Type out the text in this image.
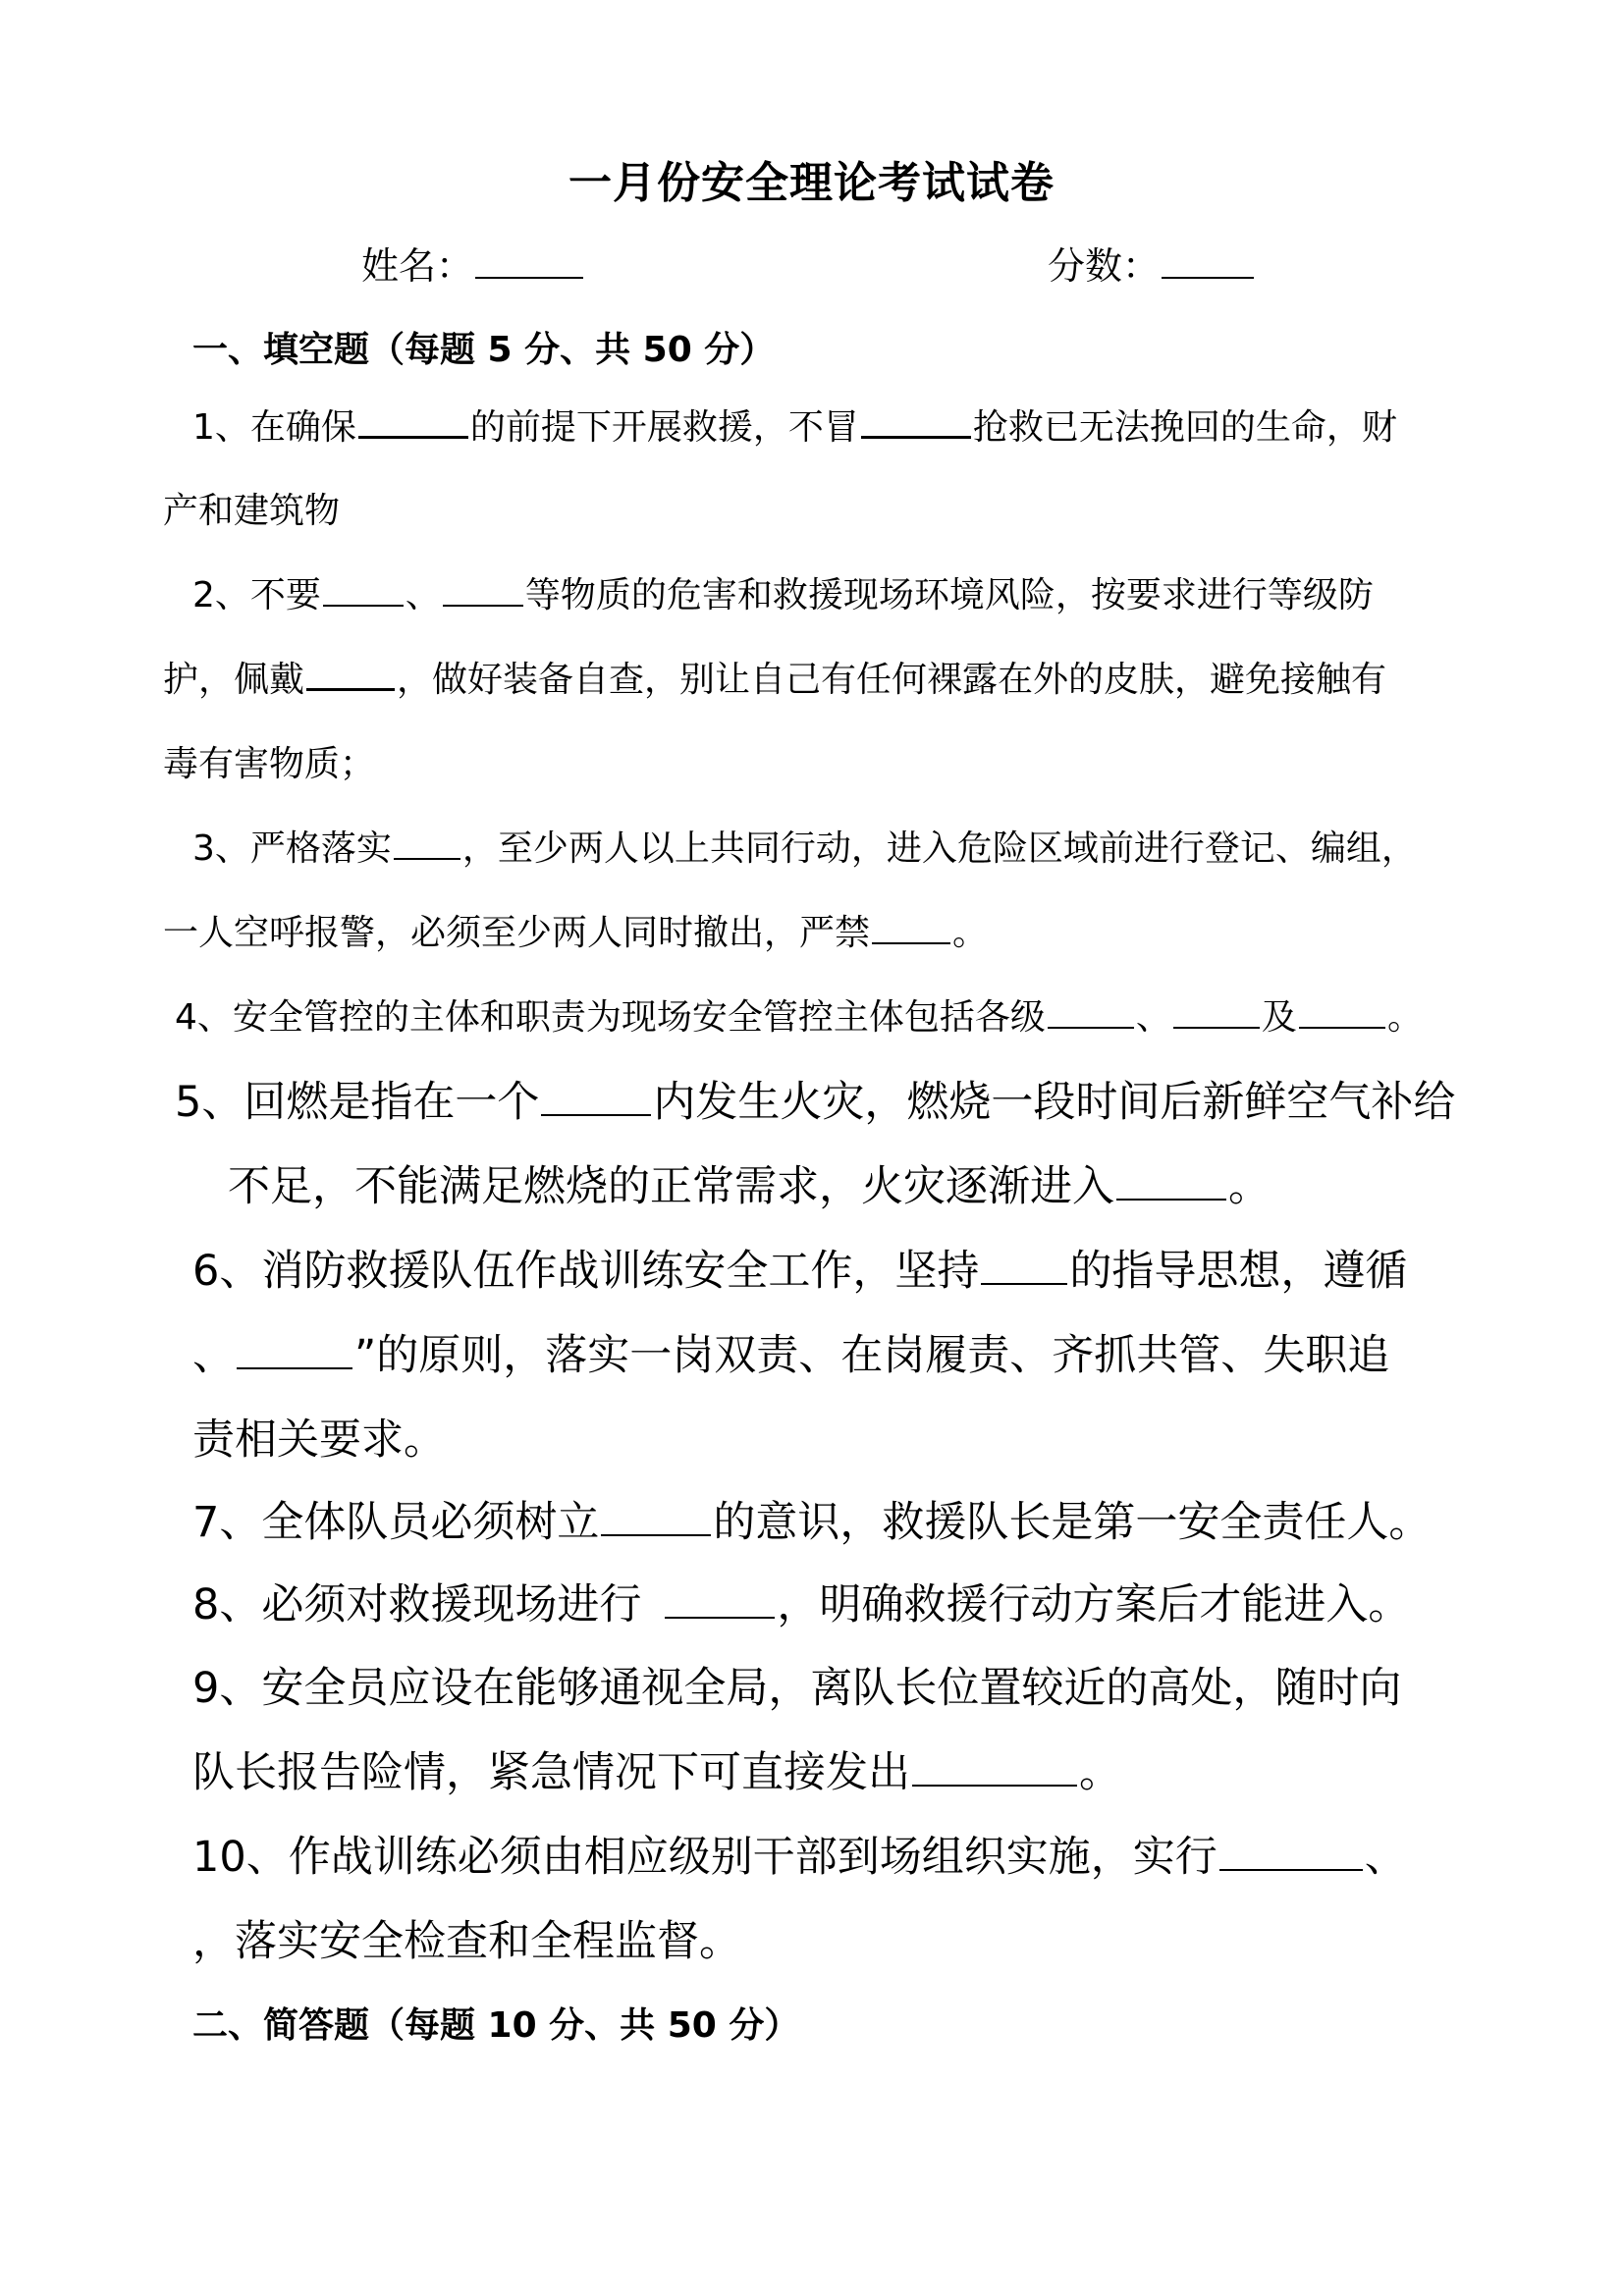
一月份安全理论考试试卷
姓名：	分数：
一、填空题（每题 5 分、共 50 分）
1、在确保	的前提下开展救援，不冒	抢救已无法挽回的生命，财
产和建筑物
2、不要 、 等物质的危害和救援现场环境风险，按要求进行等级防
护，佩戴	，做好装备自查，别让自己有任何裸露在外的皮肤，避免接触有
毒有害物质；
3、严格落实 ，至少两人以上共同行动，进入危险区域前进行登记、编组，
一人空呼报警，必须至少两人同时撤出，严禁 。
4、安全管控的主体和职责为现场安全管控主体包括各级	、	及	。
5、回燃是指在一个	内发生火灾，燃烧一段时间后新鲜空气补给
不足，不能满足燃烧的正常需求，火灾逐渐进入	。
6、消防救援队伍作战训练安全工作，坚持 的指导思想，遵循
、	”的原则，落实一岗双责、在岗履责、齐抓共管、失职追
责相关要求。
7、全体队员必须树立	的意识，救援队长是第一安全责任人。
8、必须对救援现场进行	，明确救援行动方案后才能进入。
9、安全员应设在能够通视全局，离队长位置较近的高处，随时向
队长报告险情，紧急情况下可直接发出	。
10、作战训练必须由相应级别干部到场组织实施，实行	、
，落实安全检查和全程监督。
二、简答题（每题 10 分、共 50 分）
